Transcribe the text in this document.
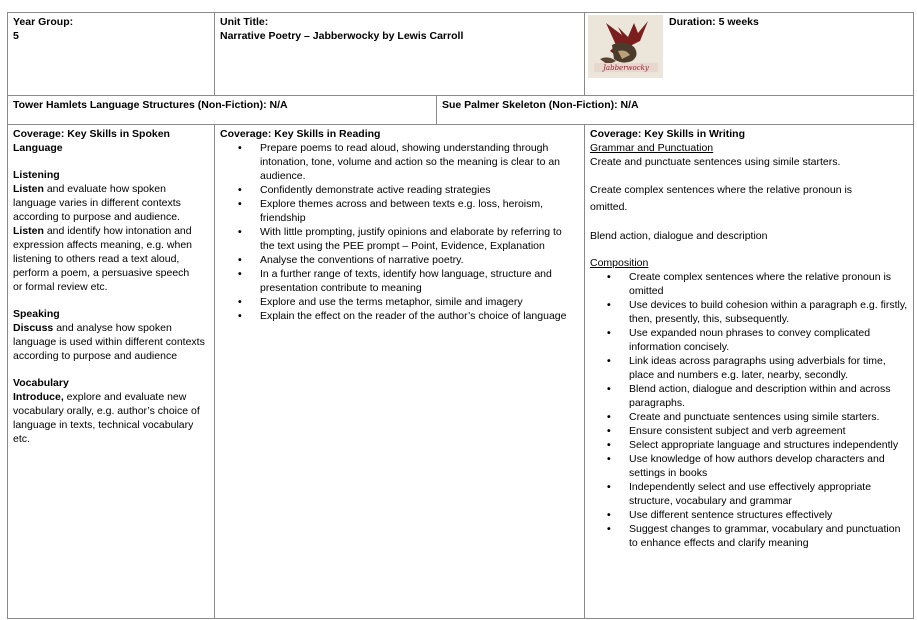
Year Group:

5

Unit Title:

Narrative Poetry – Jabberwocky by Lewis Carroll

Jabberwocky

Duration: 5 weeks

Tower Hamlets Language Structures (Non-Fiction): N/A	Sue Palmer Skeleton (Non-Fiction): N/A

Coverage: Key Skills in Spoken Language

Listening

Listen and evaluate how spoken language varies in different contexts according to purpose and audience.

Listen and identify how intonation and expression affects meaning, e.g. when listening to others read a text aloud, perform a poem, a persuasive speech or formal review etc.

Speaking

Discuss and analyse how spoken language is used within different contexts according to purpose and audience

Vocabulary

Introduce, explore and evaluate new vocabulary orally, e.g. author’s choice of language in texts, technical vocabulary etc.

Coverage: Key Skills in Reading

• Prepare poems to read aloud, showing understanding through intonation, tone, volume and action so the meaning is clear to an audience.
• Confidently demonstrate active reading strategies
• Explore themes across and between texts e.g. loss, heroism, friendship
• With little prompting, justify opinions and elaborate by referring to the text using the PEE prompt – Point, Evidence, Explanation
• Analyse the conventions of narrative poetry.
• In a further range of texts, identify how language, structure and presentation contribute to meaning
• Explore and use the terms metaphor, simile and imagery
• Explain the effect on the reader of the author’s choice of language

Coverage: Key Skills in Writing

Grammar and Punctuation

Create and punctuate sentences using simile starters.

Create complex sentences where the relative pronoun is omitted.

Blend action, dialogue and description

Composition

• Create complex sentences where the relative pronoun is omitted
• Use devices to build cohesion within a paragraph e.g. firstly, then, presently, this, subsequently.
• Use expanded noun phrases to convey complicated information concisely.
• Link ideas across paragraphs using adverbials for time, place and numbers e.g. later, nearby, secondly.
• Blend action, dialogue and description within and across paragraphs.
• Create and punctuate sentences using simile starters.
• Ensure consistent subject and verb agreement
• Select appropriate language and structures independently
• Use knowledge of how authors develop characters and settings in books
• Independently select and use effectively appropriate structure, vocabulary and grammar
• Use different sentence structures effectively
• Suggest changes to grammar, vocabulary and punctuation to enhance effects and clarify meaning
